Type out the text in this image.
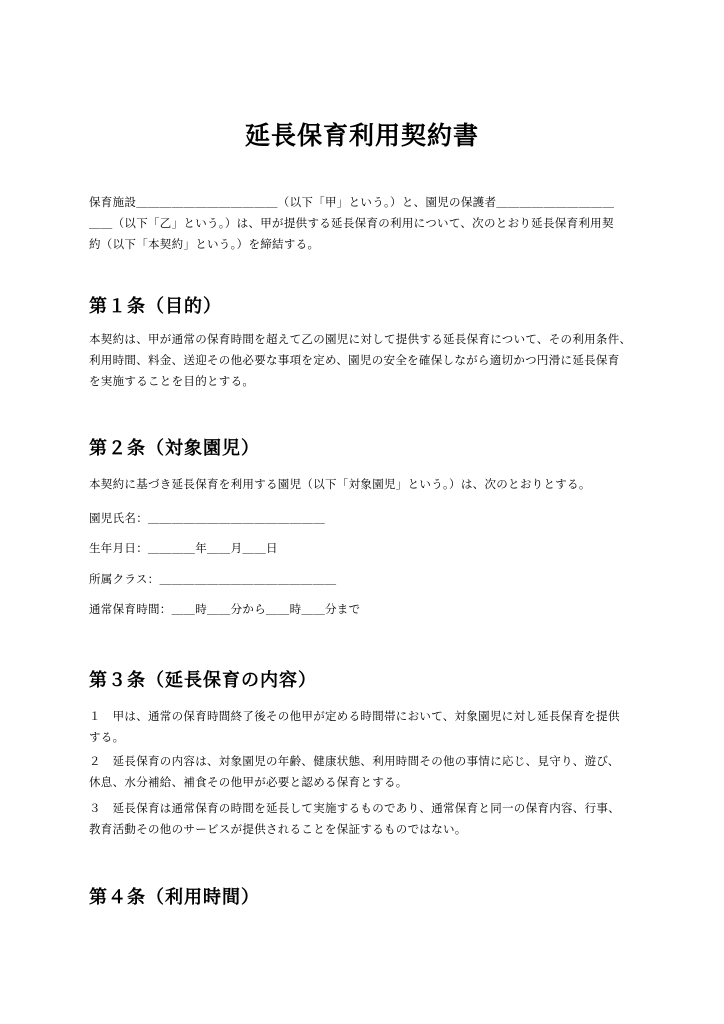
延長保育利用契約書
保育施設＿＿＿＿＿＿＿＿＿＿＿＿（以下「甲」という。）と、園児の保護者＿＿＿＿＿＿＿＿＿＿
＿＿（以下「乙」という。）は、甲が提供する延長保育の利用について、次のとおり延長保育利用契
約（以下「本契約」という。）を締結する。
第１条（目的）
本契約は、甲が通常の保育時間を超えて乙の園児に対して提供する延長保育について、その利用条件、
利用時間、料金、送迎その他必要な事項を定め、園児の安全を確保しながら適切かつ円滑に延長保育
を実施することを目的とする。
第２条（対象園児）
本契約に基づき延長保育を利用する園児（以下「対象園児」という。）は、次のとおりとする。
園児氏名：＿＿＿＿＿＿＿＿＿＿＿＿＿＿＿
生年月日：＿＿＿＿年＿＿月＿＿日
所属クラス：＿＿＿＿＿＿＿＿＿＿＿＿＿＿＿
通常保育時間：＿＿時＿＿分から＿＿時＿＿分まで
第３条（延長保育の内容）
１　甲は、通常の保育時間終了後その他甲が定める時間帯において、対象園児に対し延長保育を提供
する。
２　延長保育の内容は、対象園児の年齢、健康状態、利用時間その他の事情に応じ、見守り、遊び、
休息、水分補給、補食その他甲が必要と認める保育とする。
３　延長保育は通常保育の時間を延長して実施するものであり、通常保育と同一の保育内容、行事、
教育活動その他のサービスが提供されることを保証するものではない。
第４条（利用時間）
